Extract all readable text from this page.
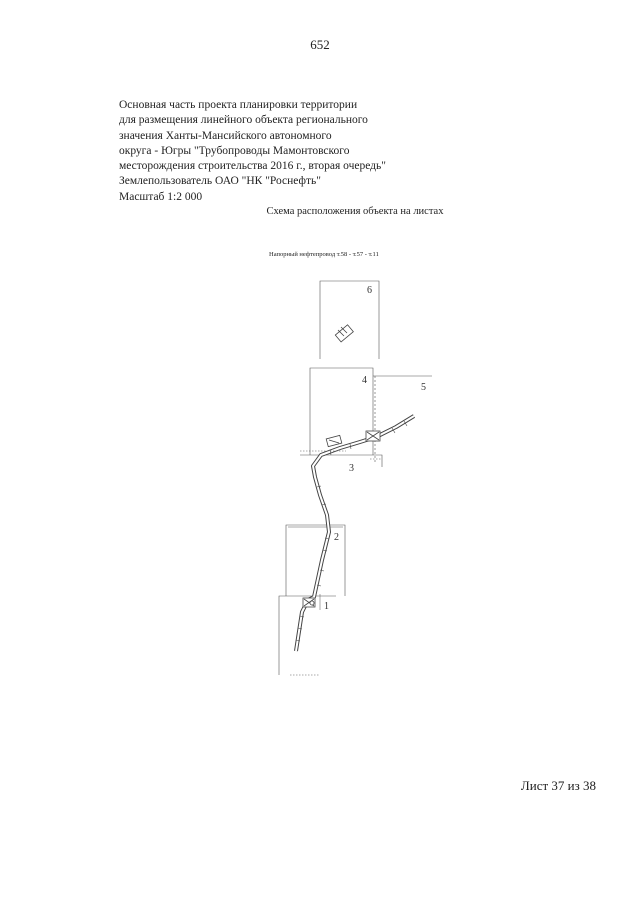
652
Основная часть проекта планировки территории
для размещения линейного объекта регионального
значения Ханты-Мансийского автономного
округа - Югры "Трубопроводы Мамонтовского
месторождения строительства 2016 г., вторая очередь"
Землепользователь ОАО "НК "Роснефть"
Масштаб 1:2 000
Схема расположения объекта на листах
Напорный нефтепровод т.58 - т.57 - т.11
6
4
5
3
2
1
Лист 37 из 38
